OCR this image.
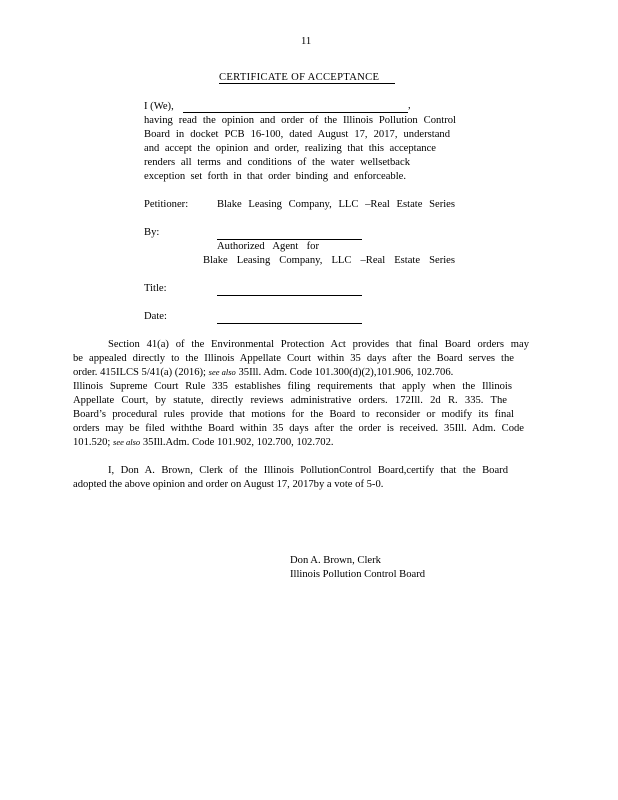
11
CERTIFICATE OF ACCEPTANCE
I (We),	,
having read the opinion and order of the Illinois Pollution Control
Board in docket PCB 16-100, dated August 17, 2017, understand
and accept the opinion and order, realizing that this acceptance
renders all terms and conditions of the water wellsetback
exception set forth in that order binding and enforceable.
Petitioner:	Blake Leasing Company, LLC –Real Estate Series
By:
Authorized Agent for
Blake Leasing Company, LLC –Real Estate Series
Title:
Date:
Section 41(a) of the Environmental Protection Act provides that final Board orders may
be appealed directly to the Illinois Appellate Court within 35 days after the Board serves the
order. 415ILCS 5/41(a) (2016); see also 35Ill. Adm. Code 101.300(d)(2),101.906, 102.706.
Illinois Supreme Court Rule 335 establishes filing requirements that apply when the Illinois
Appellate Court, by statute, directly reviews administrative orders. 172Ill. 2d R. 335. The
Board’s procedural rules provide that motions for the Board to reconsider or modify its final
orders may be filed withthe Board within 35 days after the order is received. 35Ill. Adm. Code
101.520; see also 35Ill.Adm. Code 101.902, 102.700, 102.702.
I, Don A. Brown, Clerk of the Illinois PollutionControl Board,certify that the Board
adopted the above opinion and order on August 17, 2017by a vote of 5-0.
Don A. Brown, Clerk
Illinois Pollution Control Board
